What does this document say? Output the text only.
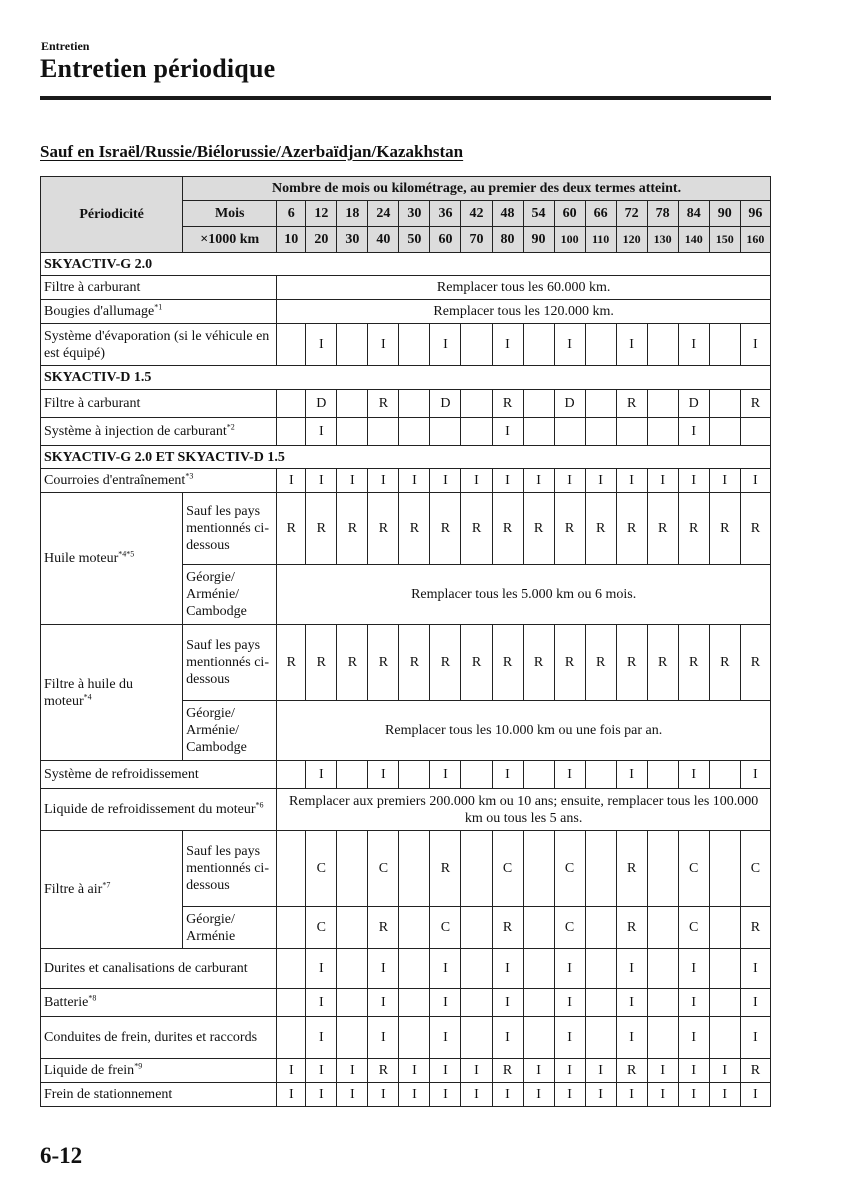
Entretien
Entretien périodique
Sauf en Israël/Russie/Biélorussie/Azerbaïdjan/Kazakhstan
Périodicité	Nombre de mois ou kilométrage, au premier des deux termes atteint.																
	Mois	6	12	18	24	30	36	42	48	54	60	66	72	78	84	90	96
	×1000 km	10	20	30	40	50	60	70	80	90	100	110	120	130	140	150	160
SKYACTIV-G 2.0																	
Filtre à carburant		Remplacer tous les 60.000 km.															
Bougies d'allumage$^{*1}$		Remplacer tous les 120.000 km.															
Système d'évaporation (si le véhicule en est équipé)			I		I		I		I		I		I		I		I
SKYACTIV-D 1.5																	
Filtre à carburant			D		R		D		R		D		R		D		R
Système à injection de carburant$^{*2}$			I						I						I		
SKYACTIV-G 2.0 ET SKYACTIV-D 1.5																	
Courroies d'entraînement$^{*3}$		I	I	I	I	I	I	I	I	I	I	I	I	I	I	I	I
Huile moteur$^{*4*5}$	Sauf les pays mentionnés ci-dessous	R	R	R	R	R	R	R	R	R	R	R	R	R	R	R	R
	Géorgie/ Arménie/ Cambodge	Remplacer tous les 5.000 km ou 6 mois.															
Filtre à huile du moteur$^{*4}$	Sauf les pays mentionnés ci-dessous	R	R	R	R	R	R	R	R	R	R	R	R	R	R	R	R
	Géorgie/ Arménie/ Cambodge	Remplacer tous les 10.000 km ou une fois par an.															
Système de refroidissement			I		I		I		I		I		I		I		I
Liquide de refroidissement du moteur$^{*6}$		Remplacer aux premiers 200.000 km ou 10 ans; ensuite, remplacer tous les 100.000 km ou tous les 5 ans.															
Filtre à air$^{*7}$	Sauf les pays mentionnés ci-dessous		C		C		R		C		C		R		C		C
	Géorgie/ Arménie		C		R		C		R		C		R		C		R
Durites et canalisations de carburant			I		I		I		I		I		I		I		I
Batterie$^{*8}$			I		I		I		I		I		I		I		I
Conduites de frein, durites et raccords			I		I		I		I		I		I		I		I
Liquide de frein$^{*9}$		I	I	I	R	I	I	I	R	I	I	I	R	I	I	I	R
Frein de stationnement		I	I	I	I	I	I	I	I	I	I	I	I	I	I	I	I
6-12
